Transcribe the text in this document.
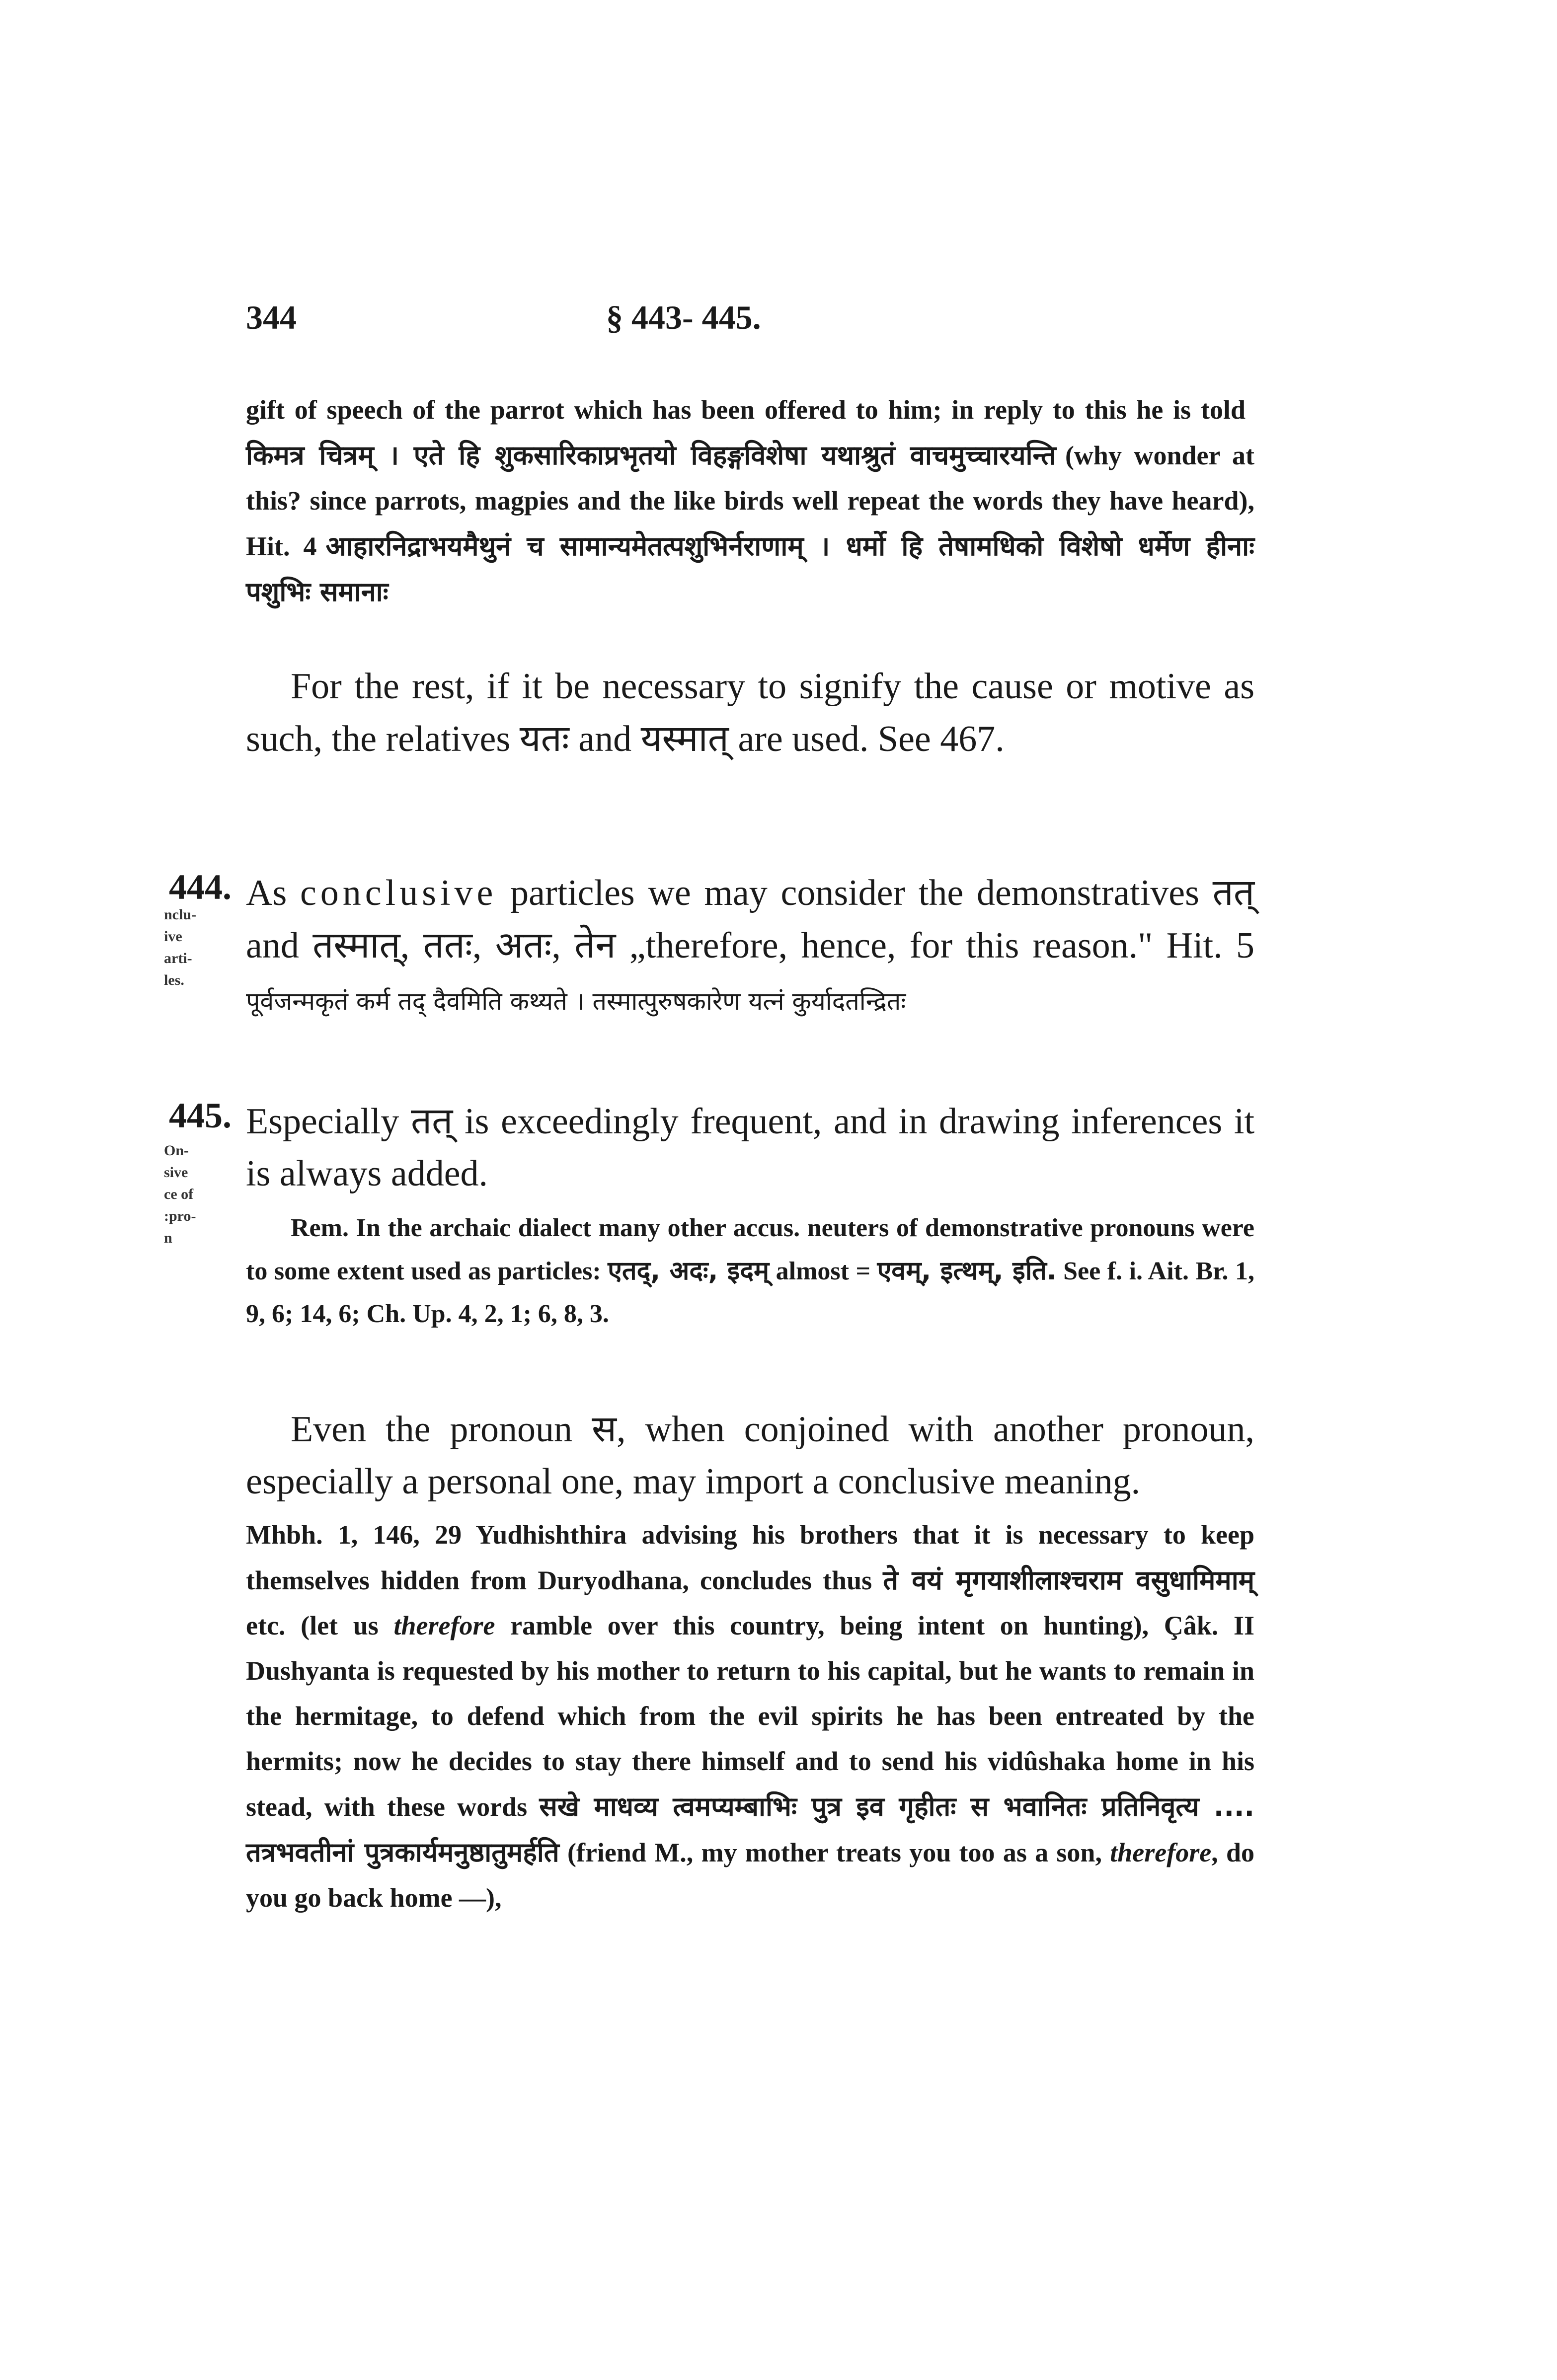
344	§ 443- 445.
gift of speech of the parrot which has been offered to him; in reply to this he is toldकिमत्र चित्रम् । एते हि शुकसारिकाप्रभृतयो विहङ्गविशेषा यथाश्रुतं वाचमुच्चारयन्ति (why wonder at this? since parrots, magpies and the like birds well repeat the words they have heard), Hit. 4 आहारनिद्राभयमैथुनं च सामान्यमेतत्पशुभिर्नराणाम् । धर्मो हि तेषामधिको विशेषो धर्मेण हीनाः पशुभिः समानाः
For the rest, if it be necessary to signify the cause or motive as such, the relatives यतः and यस्मात् are used. See 467.
444.
nclu-
ive
arti-
les.
As conclusive particles we may consider the demonstratives तत् and तस्मात्, ततः, अतः, तेन „therefore, hence, for this reason." Hit. 5 पूर्वजन्मकृतं कर्म तद् दैवमिति कथ्यते । तस्मात्पुरुषकारेण यत्नं कुर्यादतन्द्रितः
445.
On-
sive
ce of
:pro-
n
Especially तत् is exceedingly frequent, and in drawing inferences it is always added.
Rem. In the archaic dialect many other accus. neuters of demonstrative pronouns were to some extent used as particles: एतद्, अदः, इदम् almost = एवम्, इत्थम्, इति. See f. i. Ait. Br. 1, 9, 6; 14, 6; Ch. Up. 4, 2, 1; 6, 8, 3.
Even the pronoun स, when conjoined with another pronoun, especially a personal one, may import a conclusive meaning.
Mhbh. 1, 146, 29 Yudhishthira advising his brothers that it is necessary to keep themselves hidden from Duryodhana, concludes thus ते वयं मृगयाशीलाश्चराम वसुधामिमाम् etc. (let us therefore ramble over this country, being intent on hunting), Çâk. II Dushyanta is requested by his mother to return to his capital, but he wants to remain in the hermitage, to defend which from the evil spirits he has been entreated by the hermits; now he decides to stay there himself and to send his vidûshaka home in his stead, with these words सखे माधव्य त्वमप्यम्बाभिः पुत्र इव गृहीतः स भवानितः प्रतिनिवृत्य .... तत्रभवतीनां पुत्रकार्यमनुष्ठातुमर्हति (friend M., my mother treats you too as a son, therefore, do you go back home —),
